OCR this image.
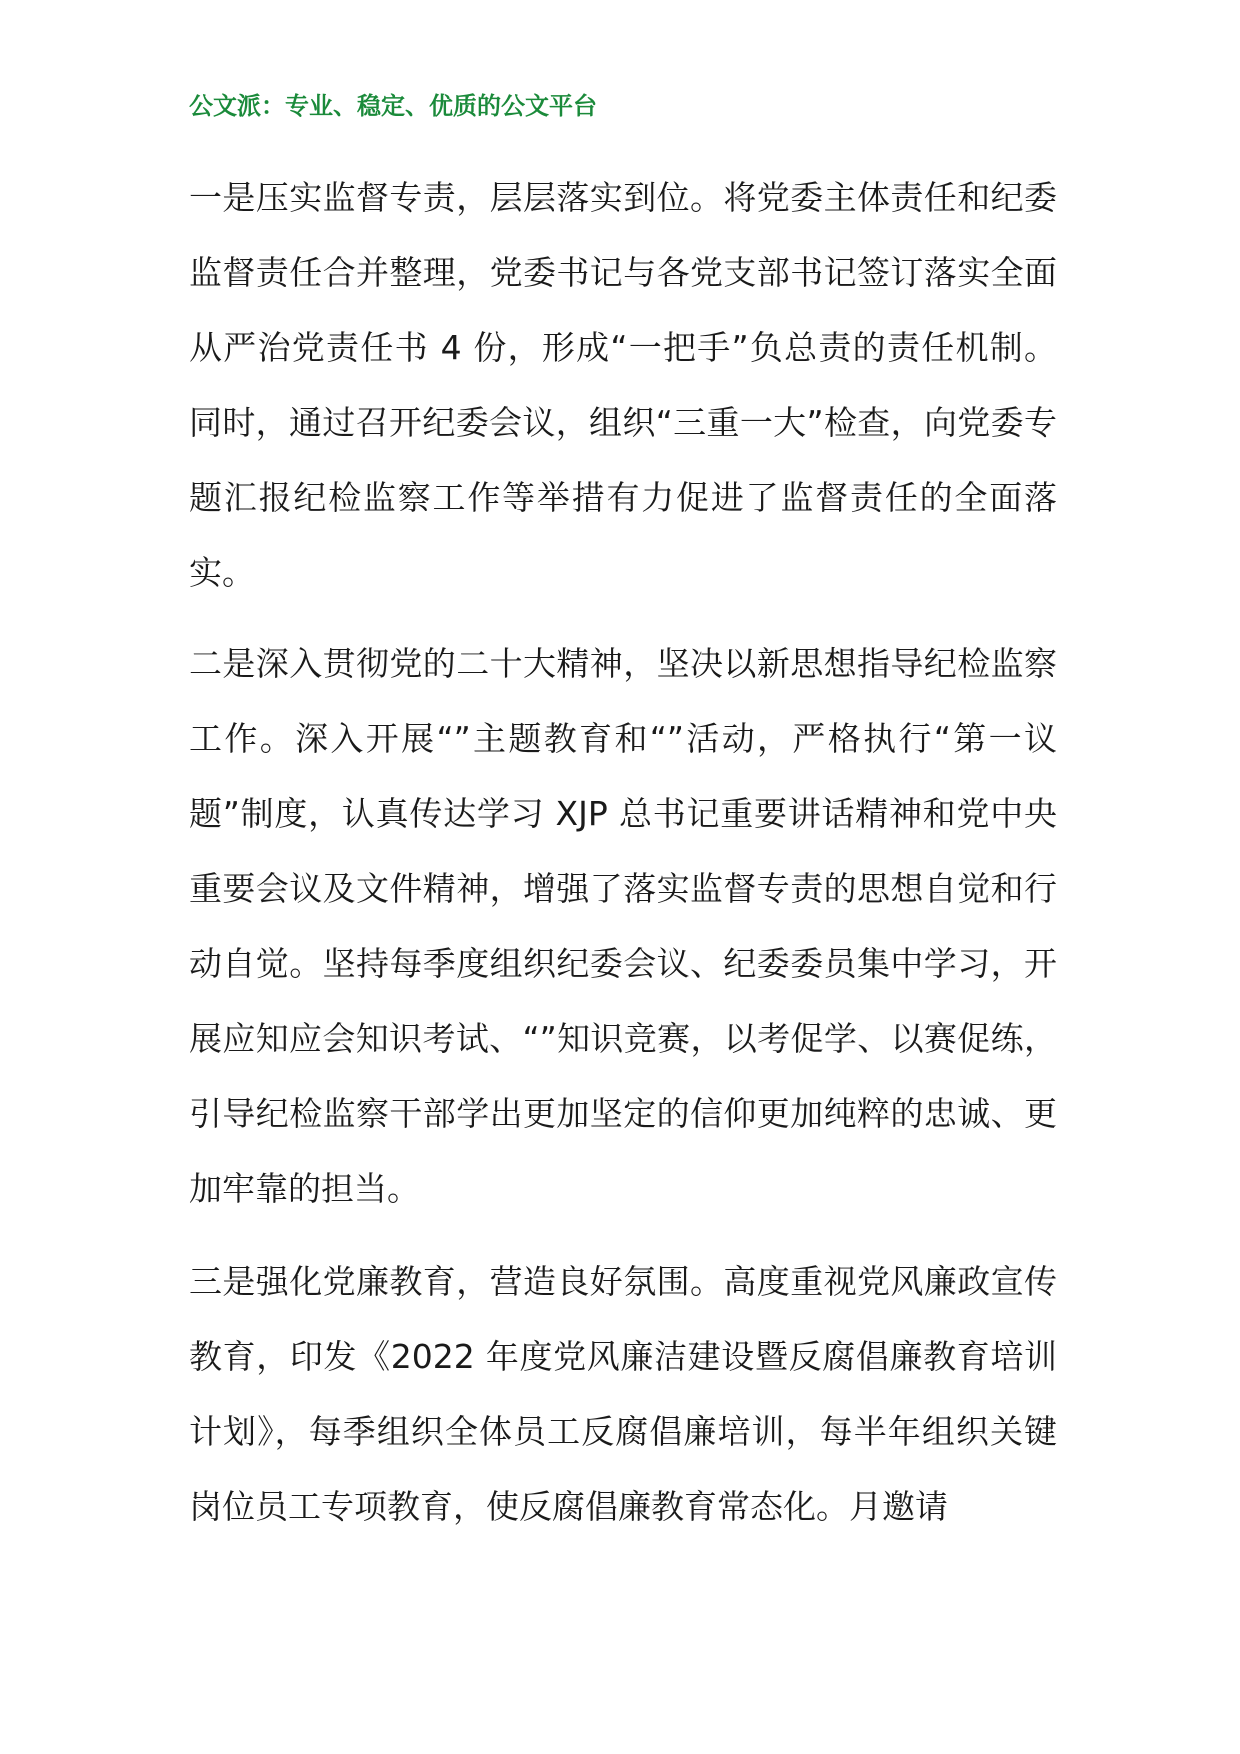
公文派：专业、稳定、优质的公文平台
一是压实监督专责，层层落实到位。将党委主体责任和纪委监督责任合并整理，党委书记与各党支部书记签订落实全面从严治党责任书 4 份，形成“一把手”负总责的责任机制。同时，通过召开纪委会议，组织“三重一大”检查，向党委专题汇报纪检监察工作等举措有力促进了监督责任的全面落实。
二是深入贯彻党的二十大精神，坚决以新思想指导纪检监察工作。深入开展“”主题教育和“”活动，严格执行“第一议题”制度，认真传达学习 XJP 总书记重要讲话精神和党中央重要会议及文件精神，增强了落实监督专责的思想自觉和行动自觉。坚持每季度组织纪委会议、纪委委员集中学习，开展应知应会知识考试、“”知识竞赛，以考促学、以赛促练，引导纪检监察干部学出更加坚定的信仰更加纯粹的忠诚、更加牢靠的担当。
三是强化党廉教育，营造良好氛围。高度重视党风廉政宣传教育，印发《2022 年度党风廉洁建设暨反腐倡廉教育培训计划》，每季组织全体员工反腐倡廉培训，每半年组织关键岗位员工专项教育，使反腐倡廉教育常态化。月邀请
